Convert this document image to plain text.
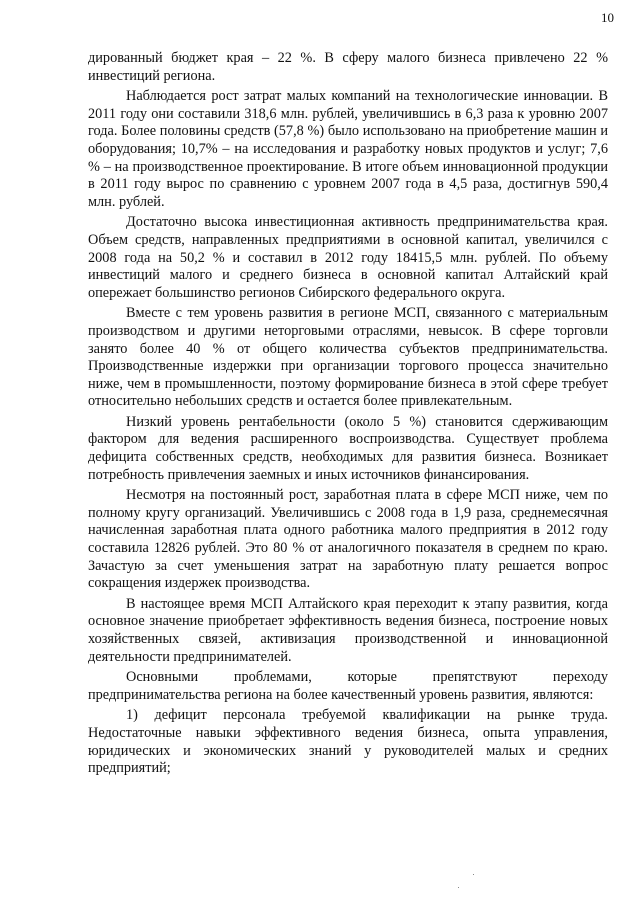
10

дированный бюджет края – 22 %. В сферу малого бизнеса привлечено 22 % инвестиций региона.

Наблюдается рост затрат малых компаний на технологические инновации. В 2011 году они составили 318,6 млн. рублей, увеличившись в 6,3 раза к уровню 2007 года. Более половины средств (57,8 %) было использовано на приобретение машин и оборудования; 10,7% – на исследования и разработку новых продуктов и услуг; 7,6 % – на производственное проектирование. В итоге объем инновационной продукции в 2011 году вырос по сравнению с уровнем 2007 года в 4,5 раза, достигнув 590,4 млн. рублей.

Достаточно высока инвестиционная активность предпринимательства края. Объем средств, направленных предприятиями в основной капитал, увеличился с 2008 года на 50,2 % и составил в 2012 году 18415,5 млн. рублей. По объему инвестиций малого и среднего бизнеса в основной капитал Алтайский край опережает большинство регионов Сибирского федерального округа.

Вместе с тем уровень развития в регионе МСП, связанного с материальным производством и другими неторговыми отраслями, невысок. В сфере торговли занято более 40 % от общего количества субъектов предпринимательства. Производственные издержки при организации торгового процесса значительно ниже, чем в промышленности, поэтому формирование бизнеса в этой сфере требует относительно небольших средств и остается более привлекательным.

Низкий уровень рентабельности (около 5 %) становится сдерживающим фактором для ведения расширенного воспроизводства. Существует проблема дефицита собственных средств, необходимых для развития бизнеса. Возникает потребность привлечения заемных и иных источников финансирования.

Несмотря на постоянный рост, заработная плата в сфере МСП ниже, чем по полному кругу организаций. Увеличившись с 2008 года в 1,9 раза, среднемесячная начисленная заработная плата одного работника малого предприятия в 2012 году составила 12826 рублей. Это 80 % от аналогичного показателя в среднем по краю. Зачастую за счет уменьшения затрат на заработную плату решается вопрос сокращения издержек производства.

В настоящее время МСП Алтайского края переходит к этапу развития, когда основное значение приобретает эффективность ведения бизнеса, построение новых хозяйственных связей, активизация производственной и инновационной деятельности предпринимателей.

Основными проблемами, которые препятствуют переходу предпринимательства региона на более качественный уровень развития, являются:

1) дефицит персонала требуемой квалификации на рынке труда. Недостаточные навыки эффективного ведения бизнеса, опыта управления, юридических и экономических знаний у руководителей малых и средних предприятий;
